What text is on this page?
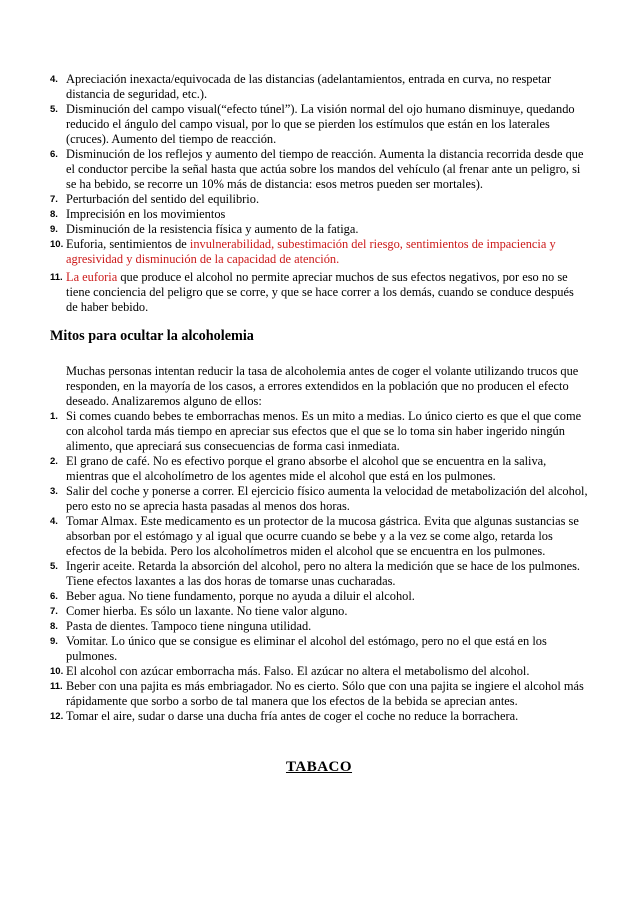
4. Apreciación inexacta/equivocada de las distancias (adelantamientos, entrada en curva, no respetar distancia de seguridad, etc.).
5. Disminución del campo visual(“efecto túnel”). La visión normal del ojo humano disminuye, quedando reducido el ángulo del campo visual, por lo que se pierden los estímulos que están en los laterales (cruces). Aumento del tiempo de reacción.
6. Disminución de los reflejos y aumento del tiempo de reacción. Aumenta la distancia recorrida desde que el conductor percibe la señal hasta que actúa sobre los mandos del vehículo (al frenar ante un peligro, si se ha bebido, se recorre un 10% más de distancia: esos metros pueden ser mortales).
7. Perturbación del sentido del equilibrio.
8. Imprecisión en los movimientos
9. Disminución de la resistencia física y aumento de la fatiga.
10. Euforia, sentimientos de invulnerabilidad, subestimación del riesgo, sentimientos de impaciencia y agresividad y disminución de la capacidad de atención.
11. La euforia que produce el alcohol no permite apreciar muchos de sus efectos negativos, por eso no se tiene conciencia del peligro que se corre, y que se hace correr a los demás, cuando se conduce después de haber bebido.
Mitos para ocultar la alcoholemia

Muchas personas intentan reducir la tasa de alcoholemia antes de coger el volante utilizando trucos que responden, en la mayoría de los casos, a errores extendidos en la población que no producen el efecto deseado. Analizaremos alguno de ellos:

1. Si comes cuando bebes te emborrachas menos. Es un mito a medias. Lo único cierto es que el que come con alcohol tarda más tiempo en apreciar sus efectos que el que se lo toma sin haber ingerido ningún alimento, que apreciará sus consecuencias de forma casi inmediata.
2. El grano de café. No es efectivo porque el grano absorbe el alcohol que se encuentra en la saliva, mientras que el alcoholímetro de los agentes mide el alcohol que está en los pulmones.
3. Salir del coche y ponerse a correr. El ejercicio físico aumenta la velocidad de metabolización del alcohol, pero esto no se aprecia hasta pasadas al menos dos horas.
4. Tomar Almax. Este medicamento es un protector de la mucosa gástrica. Evita que algunas sustancias se absorban por el estómago y al igual que ocurre cuando se bebe y a la vez se come algo, retarda los efectos de la bebida. Pero los alcoholímetros miden el alcohol que se encuentra en los pulmones.
5. Ingerir aceite. Retarda la absorción del alcohol, pero no altera la medición que se hace de los pulmones. Tiene efectos laxantes a las dos horas de tomarse unas cucharadas.
6. Beber agua. No tiene fundamento, porque no ayuda a diluir el alcohol.
7. Comer hierba. Es sólo un laxante. No tiene valor alguno.
8. Pasta de dientes. Tampoco tiene ninguna utilidad.
9. Vomitar. Lo único que se consigue es eliminar el alcohol del estómago, pero no el que está en los pulmones.
10. El alcohol con azúcar emborracha más. Falso. El azúcar no altera el metabolismo del alcohol.
11. Beber con una pajita es más embriagador. No es cierto. Sólo que con una pajita se ingiere el alcohol más rápidamente que sorbo a sorbo de tal manera que los efectos de la bebida se aprecian antes.
12. Tomar el aire, sudar o darse una ducha fría antes de coger el coche no reduce la borrachera.
TABACO
